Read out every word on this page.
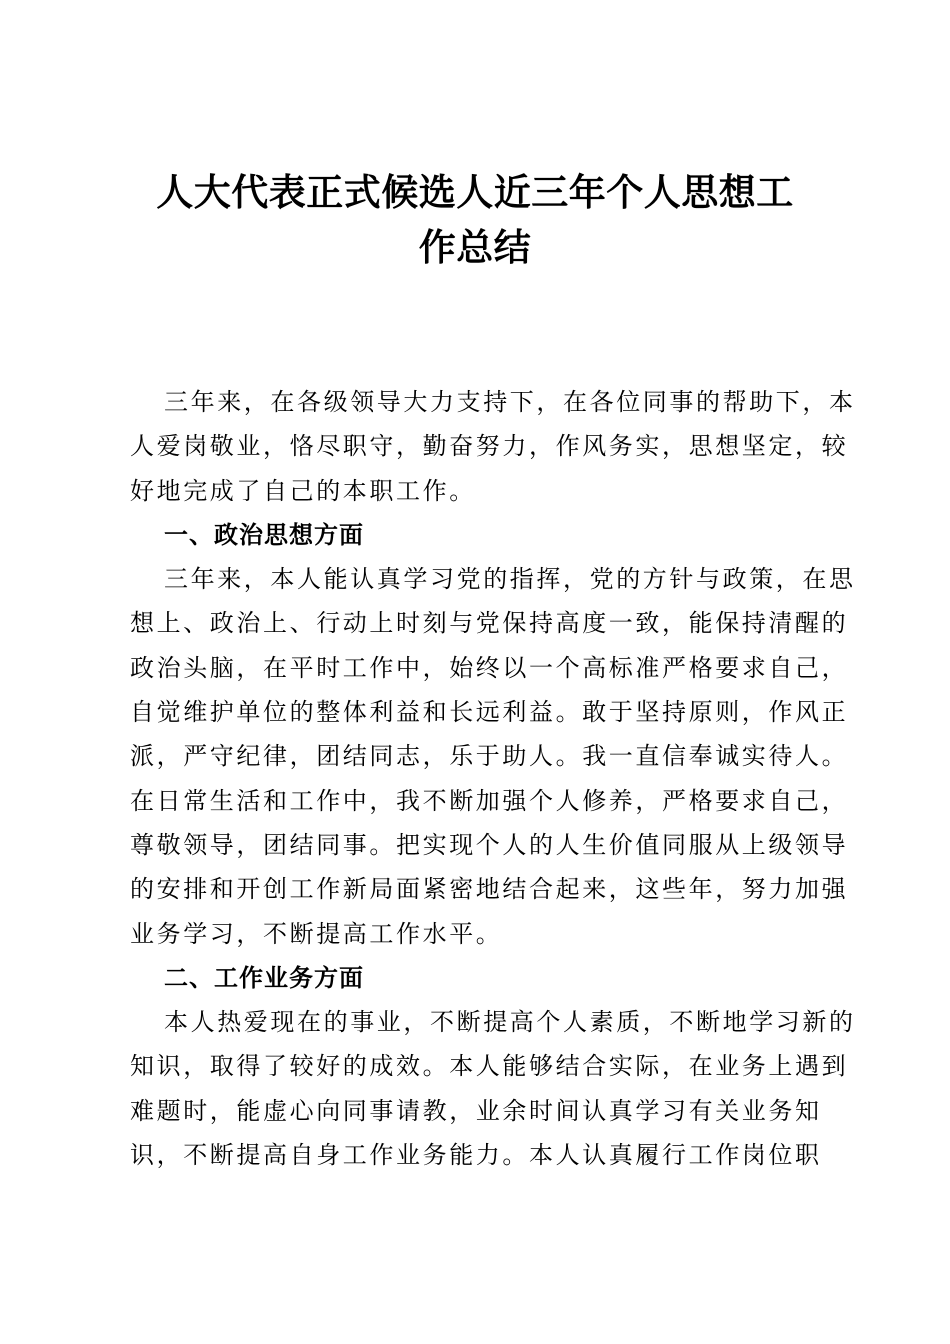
人大代表正式候选人近三年个人思想工
作总结
三年来，在各级领导大力支持下，在各位同事的帮助下，本
人爱岗敬业，恪尽职守，勤奋努力，作风务实，思想坚定，较
好地完成了自己的本职工作。
一、政治思想方面
三年来，本人能认真学习党的指挥，党的方针与政策，在思
想上、政治上、行动上时刻与党保持高度一致，能保持清醒的
政治头脑，在平时工作中，始终以一个高标准严格要求自己，
自觉维护单位的整体利益和长远利益。敢于坚持原则，作风正
派，严守纪律，团结同志，乐于助人。我一直信奉诚实待人。
在日常生活和工作中，我不断加强个人修养，严格要求自己，
尊敬领导，团结同事。把实现个人的人生价值同服从上级领导
的安排和开创工作新局面紧密地结合起来，这些年，努力加强
业务学习，不断提高工作水平。
二、工作业务方面
本人热爱现在的事业，不断提高个人素质，不断地学习新的
知识，取得了较好的成效。本人能够结合实际，在业务上遇到
难题时，能虚心向同事请教，业余时间认真学习有关业务知
识，不断提高自身工作业务能力。本人认真履行工作岗位职
